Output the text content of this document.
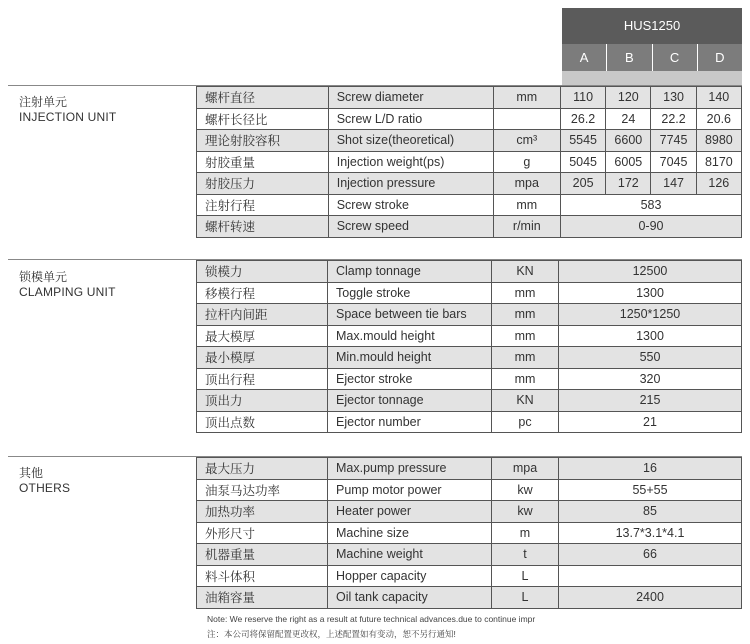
HUS1250
A	B	C	D
注射单元
INJECTION UNIT
螺杆直径	Screw diameter	mm	110	120	130	140
螺杆长径比	Screw L/D ratio		26.2	24	22.2	20.6
理论射胶容积	Shot size(theoretical)	cm³	5545	6600	7745	8980
射胶重量	Injection weight(ps)	g	5045	6005	7045	8170
射胶压力	Injection pressure	mpa	205	172	147	126
注射行程	Screw stroke	mm	583			
螺杆转速	Screw speed	r/min	0-90			
锁模单元
CLAMPING UNIT
锁模力	Clamp tonnage	KN	12500
移模行程	Toggle stroke	mm	1300
拉杆内间距	Space between tie bars	mm	1250*1250
最大模厚	Max.mould height	mm	1300
最小模厚	Min.mould height	mm	550
顶出行程	Ejector stroke	mm	320
顶出力	Ejector tonnage	KN	215
顶出点数	Ejector number	pc	21
其他
OTHERS
最大压力	Max.pump pressure	mpa	16
油泵马达功率	Pump motor power	kw	55+55
加热功率	Heater power	kw	85
外形尺寸	Machine size	m	13.7*3.1*4.1
机器重量	Machine weight	t	66
料斗体积	Hopper capacity	L	
油箱容量	Oil tank capacity	L	2400
Note: We reserve the right as a result at future technical advances.due to continue impr
注：本公司将保留配置更改权，上述配置如有变动，恕不另行通知!
